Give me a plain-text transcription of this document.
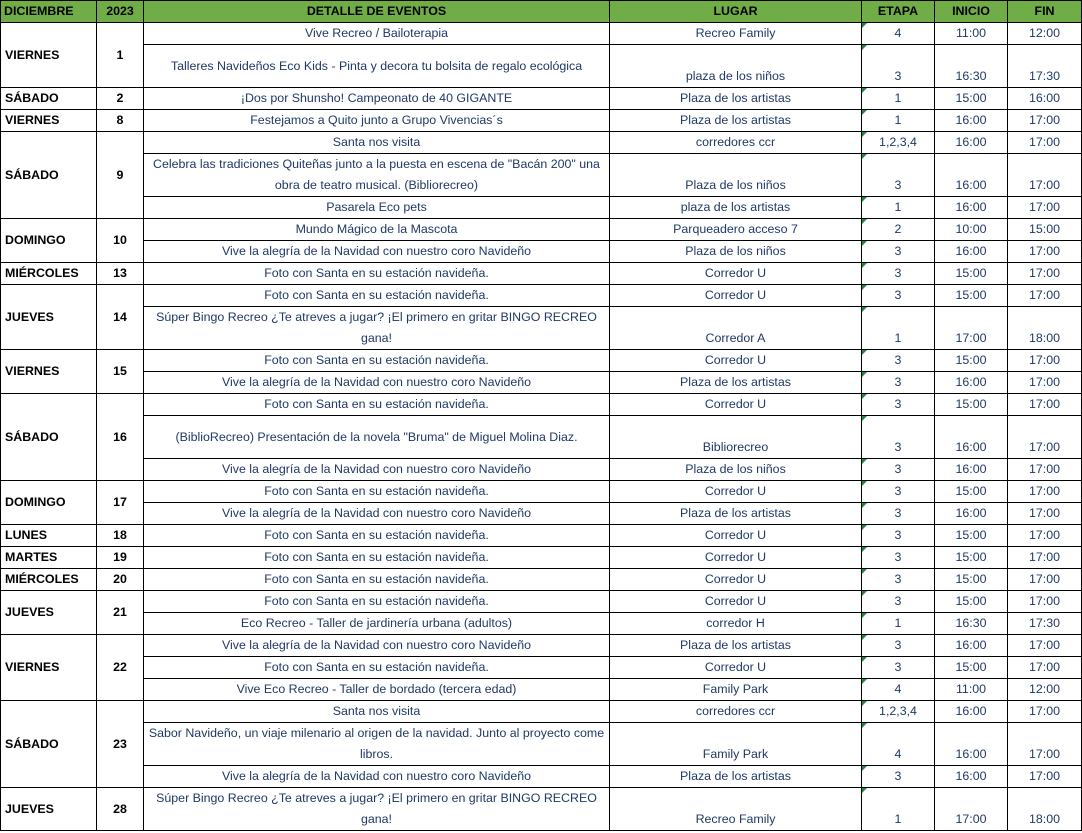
DICIEMBRE	2023	DETALLE DE EVENTOS	LUGAR	ETAPA	INICIO	FIN
VIERNES	1	Vive Recreo / Bailoterapia	Recreo Family	4	11:00	12:00
		Talleres Navideños Eco Kids - Pinta y decora tu bolsita de regalo ecológica	plaza de los niños	3	16:30	17:30
SÁBADO	2	¡Dos por Shunsho! Campeonato de 40 GIGANTE	Plaza de los artistas	1	15:00	16:00
VIERNES	8	Festejamos a Quito junto a Grupo Vivencias´s	Plaza de los artistas	1	16:00	17:00
SÁBADO	9	Santa nos visita	corredores ccr	1,2,3,4	16:00	17:00
		Celebra las tradiciones Quiteñas junto a la puesta en escena de "Bacán 200" una obra de teatro musical. (Bibliorecreo)	Plaza de los niños	3	16:00	17:00
		Pasarela Eco pets	plaza de los artistas	1	16:00	17:00
DOMINGO	10	Mundo Mágico de la Mascota	Parqueadero acceso 7	2	10:00	15:00
		Vive la alegría de la Navidad con nuestro coro Navideño	Plaza de los niños	3	16:00	17:00
MIÉRCOLES	13	Foto con Santa en su estación navideña.	Corredor U	3	15:00	17:00
JUEVES	14	Foto con Santa en su estación navideña.	Corredor U	3	15:00	17:00
		Súper Bingo Recreo ¿Te atreves a jugar? ¡El primero en gritar BINGO RECREO gana!	Corredor A	1	17:00	18:00
VIERNES	15	Foto con Santa en su estación navideña.	Corredor U	3	15:00	17:00
		Vive la alegría de la Navidad con nuestro coro Navideño	Plaza de los artistas	3	16:00	17:00
SÁBADO	16	Foto con Santa en su estación navideña.	Corredor U	3	15:00	17:00
		(BiblioRecreo) Presentación de la novela "Bruma" de Miguel Molina Diaz.	Bibliorecreo	3	16:00	17:00
		Vive la alegría de la Navidad con nuestro coro Navideño	Plaza de los niños	3	16:00	17:00
DOMINGO	17	Foto con Santa en su estación navideña.	Corredor U	3	15:00	17:00
		Vive la alegría de la Navidad con nuestro coro Navideño	Plaza de los artistas	3	16:00	17:00
LUNES	18	Foto con Santa en su estación navideña.	Corredor U	3	15:00	17:00
MARTES	19	Foto con Santa en su estación navideña.	Corredor U	3	15:00	17:00
MIÉRCOLES	20	Foto con Santa en su estación navideña.	Corredor U	3	15:00	17:00
JUEVES	21	Foto con Santa en su estación navideña.	Corredor U	3	15:00	17:00
		Eco Recreo - Taller de jardinería urbana (adultos)	corredor H	1	16:30	17:30
VIERNES	22	Vive la alegría de la Navidad con nuestro coro Navideño	Plaza de los artistas	3	16:00	17:00
		Foto con Santa en su estación navideña.	Corredor U	3	15:00	17:00
		Vive Eco Recreo - Taller de bordado (tercera edad)	Family Park	4	11:00	12:00
SÁBADO	23	Santa nos visita	corredores ccr	1,2,3,4	16:00	17:00
		Sabor Navideño, un viaje milenario al origen de la navidad. Junto al proyecto come libros.	Family Park	4	16:00	17:00
		Vive la alegría de la Navidad con nuestro coro Navideño	Plaza de los artistas	3	16:00	17:00
JUEVES	28	Súper Bingo Recreo ¿Te atreves a jugar? ¡El primero en gritar BINGO RECREO gana!	Recreo Family	1	17:00	18:00
